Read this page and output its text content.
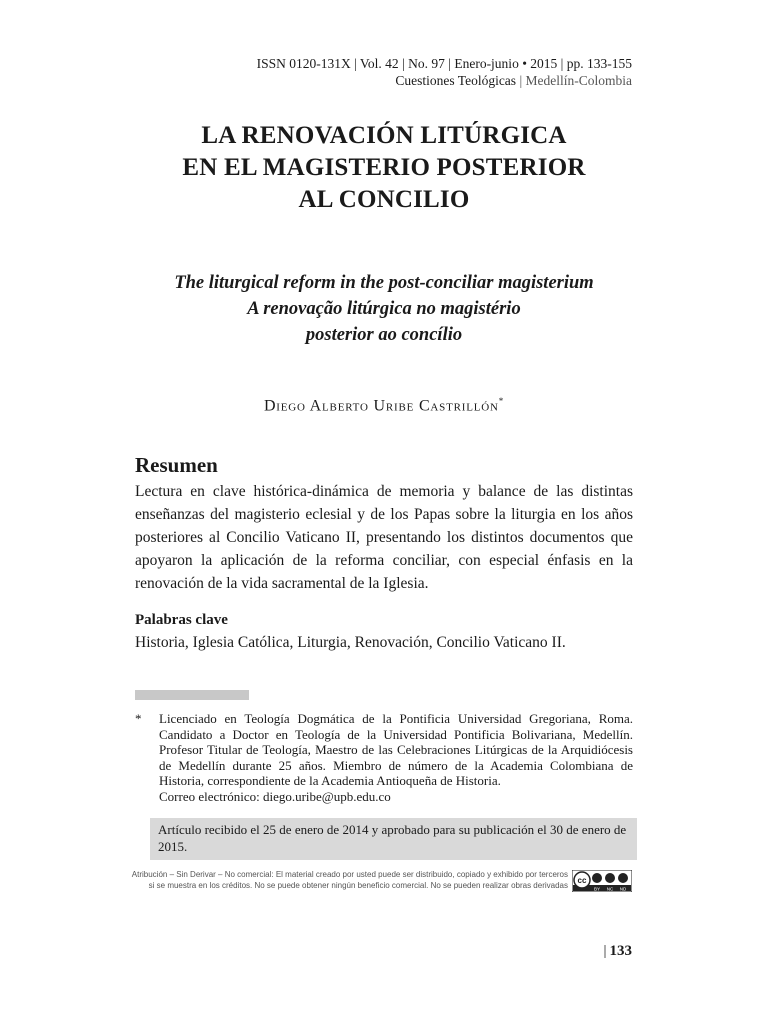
ISSN 0120-131X | Vol. 42 | No. 97 | Enero-junio • 2015 | pp. 133-155
Cuestiones Teológicas | Medellín-Colombia
LA RENOVACIÓN LITÚRGICA
EN EL MAGISTERIO POSTERIOR
AL CONCILIO
The liturgical reform in the post-conciliar magisterium
A renovação litúrgica no magistério
posterior ao concílio
Diego Alberto Uribe Castrillón*
Resumen
Lectura en clave histórica-dinámica de memoria y balance de las distintas enseñanzas del magisterio eclesial y de los Papas sobre la liturgia en los años posteriores al Concilio Vaticano II, presentando los distintos documentos que apoyaron la aplicación de la reforma conciliar, con especial énfasis en la renovación de la vida sacramental de la Iglesia.
Palabras clave
Historia, Iglesia Católica, Liturgia, Renovación, Concilio Vaticano II.
* Licenciado en Teología Dogmática de la Pontificia Universidad Gregoriana, Roma. Candidato a Doctor en Teología de la Universidad Pontificia Bolivariana, Medellín. Profesor Titular de Teología, Maestro de las Celebraciones Litúrgicas de la Arquidiócesis de Medellín durante 25 años. Miembro de número de la Academia Colombiana de Historia, correspondiente de la Academia Antioqueña de Historia.
Correo electrónico: diego.uribe@upb.edu.co
Artículo recibido el 25 de enero de 2014 y aprobado para su publicación el 30 de enero de 2015.
Atribución – Sin Derivar – No comercial: El material creado por usted puede ser distribuido, copiado y exhibido por terceros
si se muestra en los créditos. No se puede obtener ningún beneficio comercial. No se pueden realizar obras derivadas
cc
BY NC ND
| 133
